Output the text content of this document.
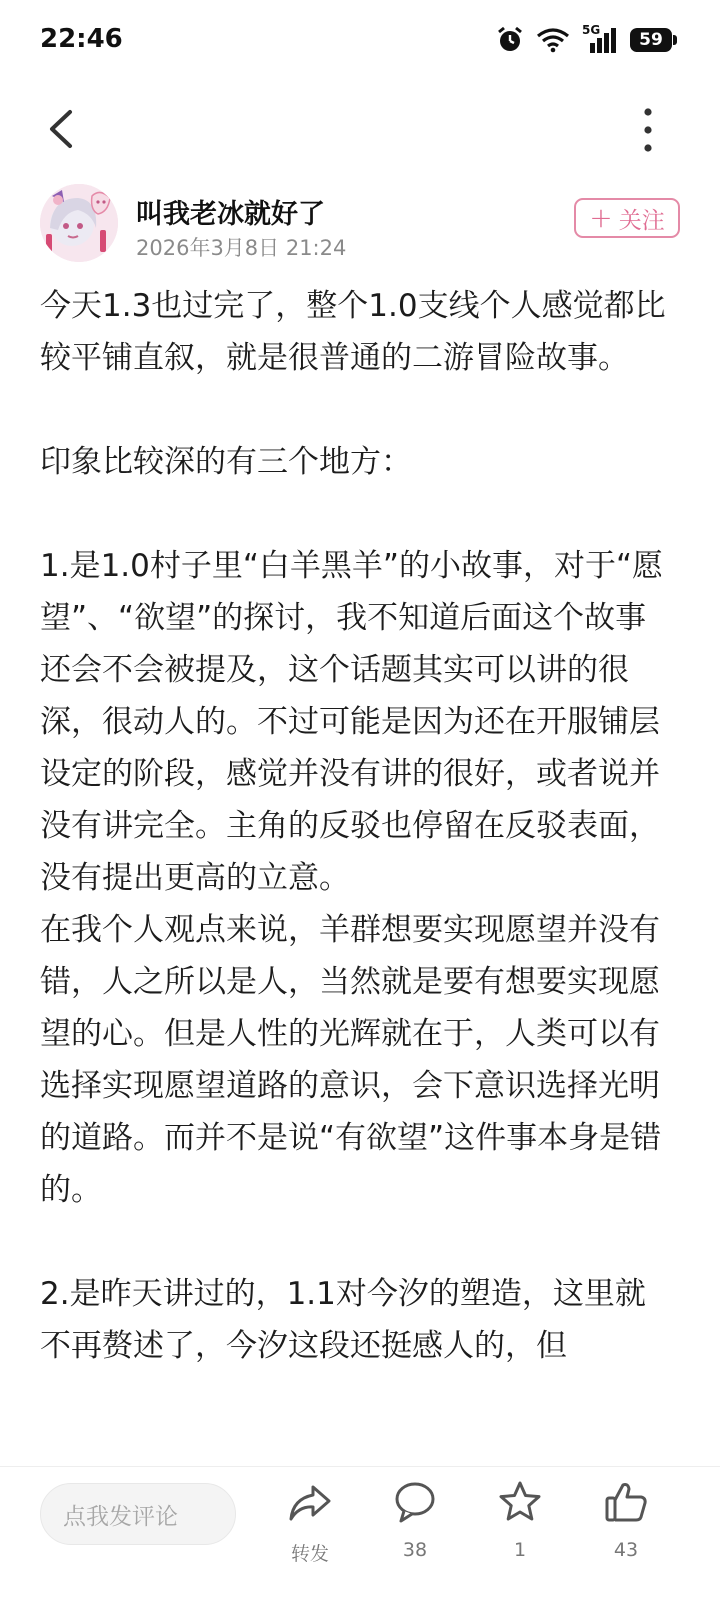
22:46	5G 59
叫我老冰就好了
2026年3月8日 21:24
+ 关注

今天1.3也过完了，整个1.0支线个人感觉都比较平铺直叙，就是很普通的二游冒险故事。

印象比较深的有三个地方：

1.是1.0村子里“白羊黑羊”的小故事，对于“愿望”、“欲望”的探讨，我不知道后面这个故事还会不会被提及，这个话题其实可以讲的很深，很动人的。不过可能是因为还在开服铺层设定的阶段，感觉并没有讲的很好，或者说并没有讲完全。主角的反驳也停留在反驳表面，没有提出更高的立意。

在我个人观点来说，羊群想要实现愿望并没有错，人之所以是人，当然就是要有想要实现愿望的心。但是人性的光辉就在于，人类可以有选择实现愿望道路的意识，会下意识选择光明的道路。而并不是说“有欲望”这件事本身是错的。

2.是昨天讲过的，1.1对今汐的塑造，这里就不再赘述了，今汐这段还挺感人的，但

点我发评论
转发	38	1	43
